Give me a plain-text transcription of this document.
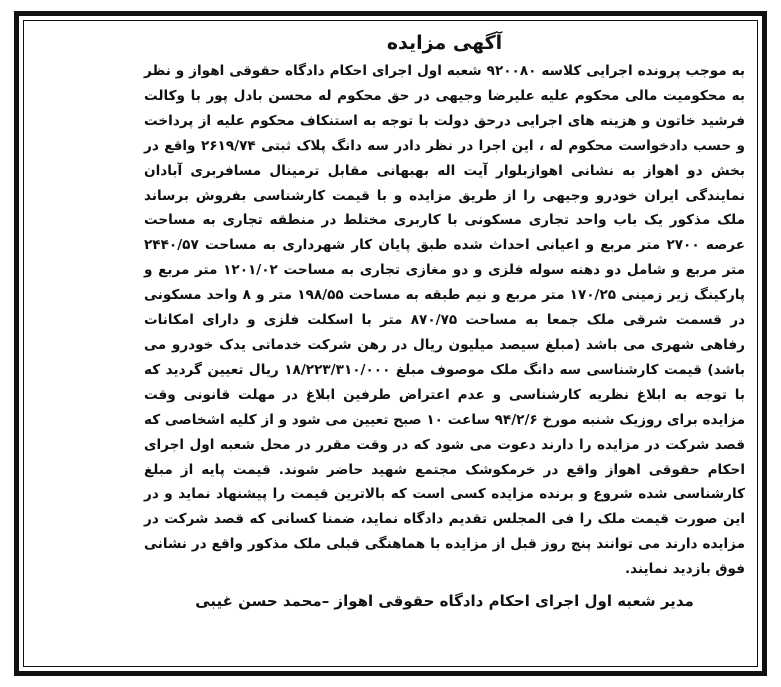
آگهی مزایده

به موجب پرونده اجرایی کلاسه ۹۲۰۰۸۰ شعبه اول اجرای احکام دادگاه حقوقی اهواز و نظر به محکومیت مالی محکوم علیه علیرضا وجیهی در حق محکوم له محسن بادل پور با وکالت فرشید خاتون و هزینه های اجرایی درحق دولت با توجه به استنکاف محکوم علیه از پرداخت و حسب دادخواست محکوم له ، این اجرا در نظر دادر سه دانگ پلاک ثبتی ۲۶۱۹/۷۴ واقع در بخش دو اهواز به نشانی اهوازبلوار آیت اله بهبهانی مقابل ترمینال مسافربری آبادان نمایندگی ایران خودرو وجیهی را از طریق مزایده و با قیمت کارشناسی بفروش برساند ملک مذکور یک باب واحد تجاری مسکونی با کاربری مختلط در منطقه تجاری به مساحت عرصه ۲۷۰۰ متر مربع و اعیانی احداث شده طبق پایان کار شهرداری به مساحت ۲۴۴۰/۵۷ متر مربع و شامل دو دهنه سوله فلزی و دو مغازی تجاری به مساحت ۱۲۰۱/۰۲ متر مربع و پارکینگ زیر زمینی ۱۷۰/۲۵ متر مربع و نیم طبقه به مساحت ۱۹۸/۵۵ متر و ۸ واحد مسکونی در قسمت شرقی ملک جمعا به مساحت ۸۷۰/۷۵ متر با اسکلت فلزی و دارای امکانات رفاهی شهری می باشد (مبلغ سیصد میلیون ریال در رهن شرکت خدماتی یدک خودرو می باشد) قیمت کارشناسی سه دانگ ملک موصوف مبلغ ۱۸/۲۲۳/۳۱۰/۰۰۰ ریال تعیین گردید که با توجه به ابلاغ نظریه کارشناسی و عدم اعتراض طرفین ابلاغ در مهلت قانونی وقت مزایده برای روزیک شنبه مورخ ۹۴/۲/۶ ساعت ۱۰ صبح تعیین می شود و از کلیه اشخاصی که قصد شرکت در مزایده را دارند دعوت می شود که در وقت مقرر در محل شعبه اول اجرای احکام حقوقی اهواز واقع در خرمکوشک مجتمع شهید حاضر شوند. قیمت پایه از مبلغ کارشناسی شده شروع و برنده مزایده کسی است که بالاترین قیمت را پیشنهاد نماید و در این صورت قیمت ملک را فی المجلس تقدیم دادگاه نماید، ضمنا کسانی که قصد شرکت در مزایده دارند می توانند پنج روز قبل از مزایده با هماهنگی قبلی ملک مذکور واقع در نشانی فوق بازدید نمایند.

مدیر شعبه اول اجرای احکام دادگاه حقوقی اهواز –محمد حسن غیبی
